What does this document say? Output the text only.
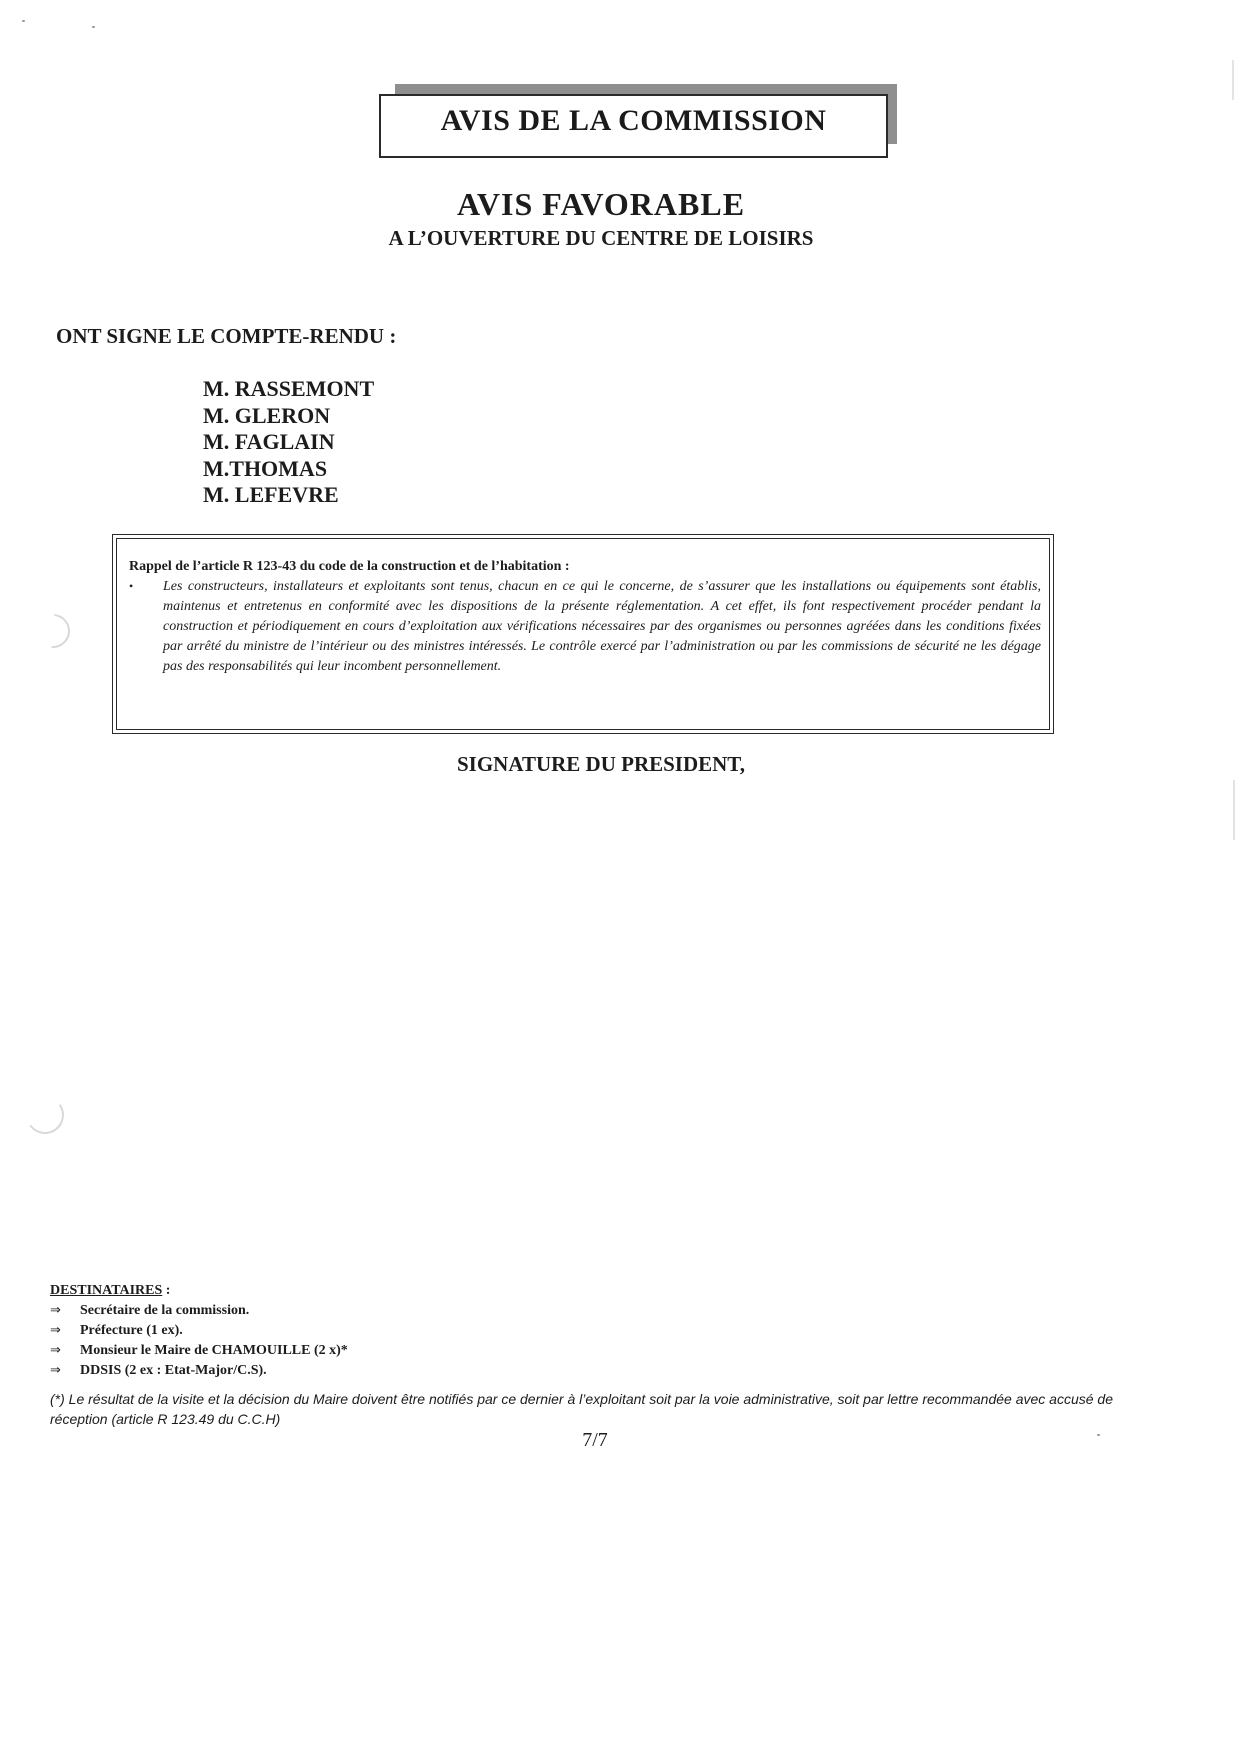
AVIS DE LA COMMISSION
AVIS FAVORABLE
A L’OUVERTURE DU CENTRE DE LOISIRS
ONT SIGNE LE COMPTE-RENDU :
M. RASSEMONT
M. GLERON
M. FAGLAIN
M.THOMAS
M. LEFEVRE
Rappel de l’article R 123-43 du code de la construction et de l’habitation :
•	Les constructeurs, installateurs et exploitants sont tenus, chacun en ce qui le concerne, de s’assurer que les installations ou équipements sont établis, maintenus et entretenus en conformité avec les dispositions de la présente réglementation. A cet effet, ils font respectivement procéder pendant la construction et périodiquement en cours d’exploitation aux vérifications nécessaires par des organismes ou personnes agréées dans les conditions fixées par arrêté du ministre de l’intérieur ou des ministres intéressés. Le contrôle exercé par l’administration ou par les commissions de sécurité ne les dégage pas des responsabilités qui leur incombent personnellement.
SIGNATURE DU PRESIDENT,
DESTINATAIRES :
⇒	Secrétaire de la commission.
⇒	Préfecture (1 ex).
⇒	Monsieur le Maire de CHAMOUILLE (2 x)*
⇒	DDSIS (2 ex : Etat-Major/C.S).
(*) Le résultat de la visite et la décision du Maire doivent être notifiés par ce dernier à l’exploitant soit par la voie administrative, soit par lettre recommandée avec accusé de réception (article R 123.49 du C.C.H)
7/7
